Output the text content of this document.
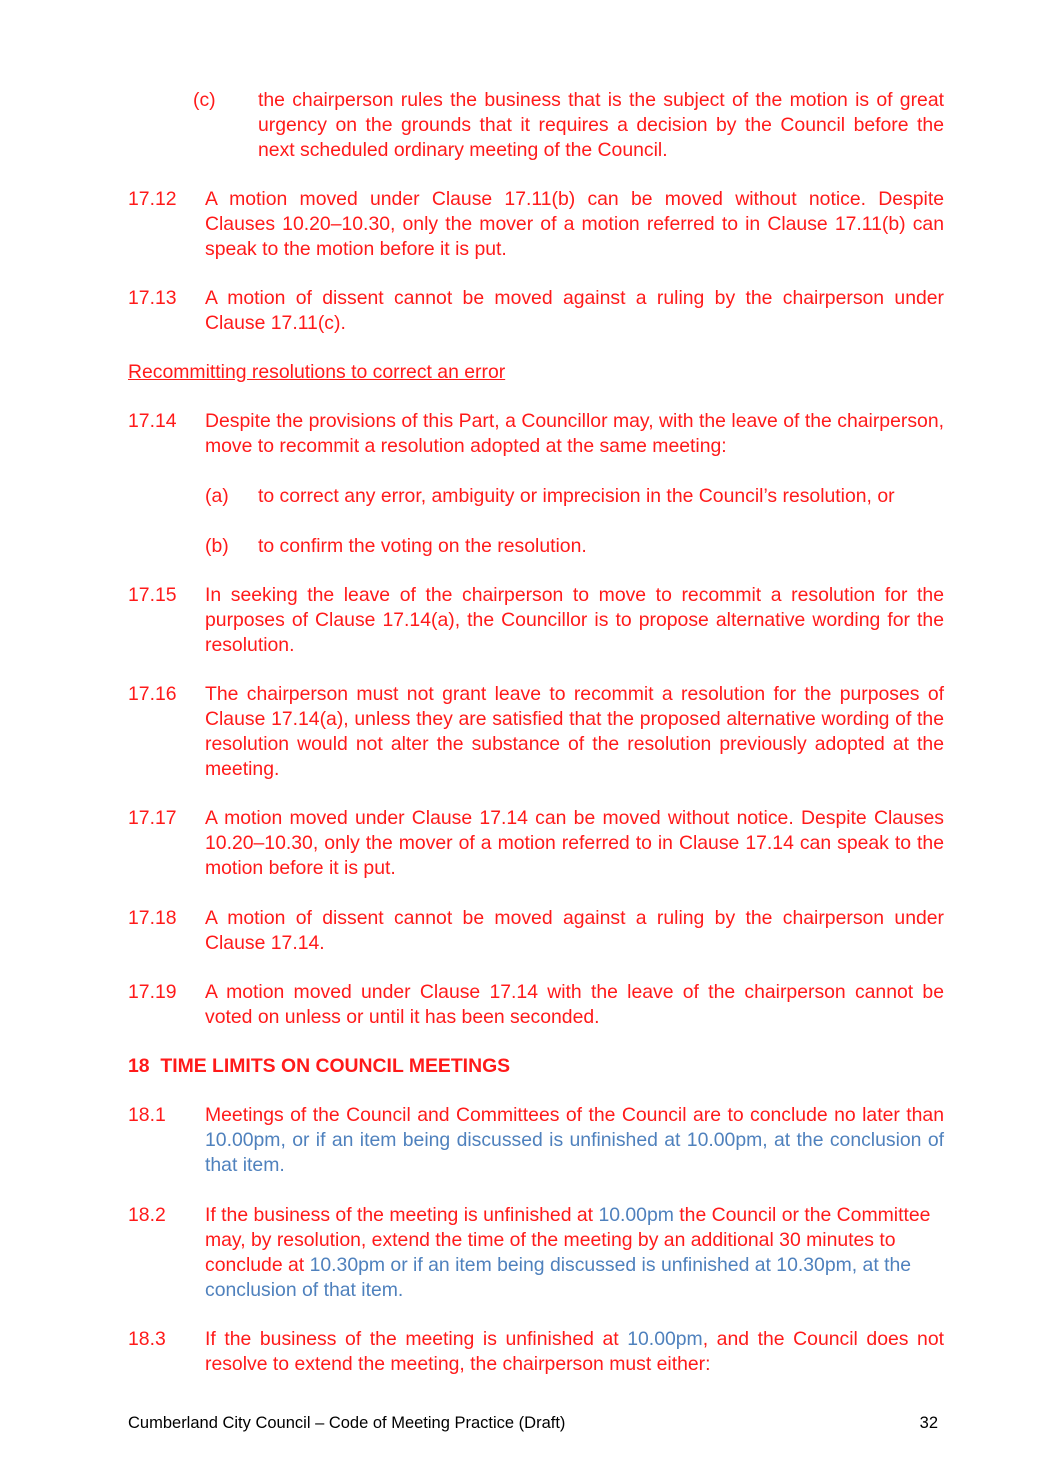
(c)	the chairperson rules the business that is the subject of the motion is of great urgency on the grounds that it requires a decision by the Council before the next scheduled ordinary meeting of the Council.
17.12	A motion moved under Clause 17.11(b) can be moved without notice. Despite Clauses 10.20–10.30, only the mover of a motion referred to in Clause 17.11(b) can speak to the motion before it is put.
17.13	A motion of dissent cannot be moved against a ruling by the chairperson under Clause 17.11(c).
Recommitting resolutions to correct an error
17.14	Despite the provisions of this Part, a Councillor may, with the leave of the chairperson, move to recommit a resolution adopted at the same meeting:
(a)	to correct any error, ambiguity or imprecision in the Council’s resolution, or
(b)	to confirm the voting on the resolution.
17.15	In seeking the leave of the chairperson to move to recommit a resolution for the purposes of Clause 17.14(a), the Councillor is to propose alternative wording for the resolution.
17.16	The chairperson must not grant leave to recommit a resolution for the purposes of Clause 17.14(a), unless they are satisfied that the proposed alternative wording of the resolution would not alter the substance of the resolution previously adopted at the meeting.
17.17	A motion moved under Clause 17.14 can be moved without notice. Despite Clauses 10.20–10.30, only the mover of a motion referred to in Clause 17.14 can speak to the motion before it is put.
17.18	A motion of dissent cannot be moved against a ruling by the chairperson under Clause 17.14.
17.19	A motion moved under Clause 17.14 with the leave of the chairperson cannot be voted on unless or until it has been seconded.
18  TIME LIMITS ON COUNCIL MEETINGS
18.1	Meetings of the Council and Committees of the Council are to conclude no later than 10.00pm, or if an item being discussed is unfinished at 10.00pm, at the conclusion of that item.
18.2	If the business of the meeting is unfinished at 10.00pm the Council or the Committee may, by resolution, extend the time of the meeting by an additional 30 minutes to conclude at 10.30pm or if an item being discussed is unfinished at 10.30pm, at the conclusion of that item.
18.3	If the business of the meeting is unfinished at 10.00pm, and the Council does not resolve to extend the meeting, the chairperson must either:
Cumberland City Council – Code of Meeting Practice (Draft)	32
